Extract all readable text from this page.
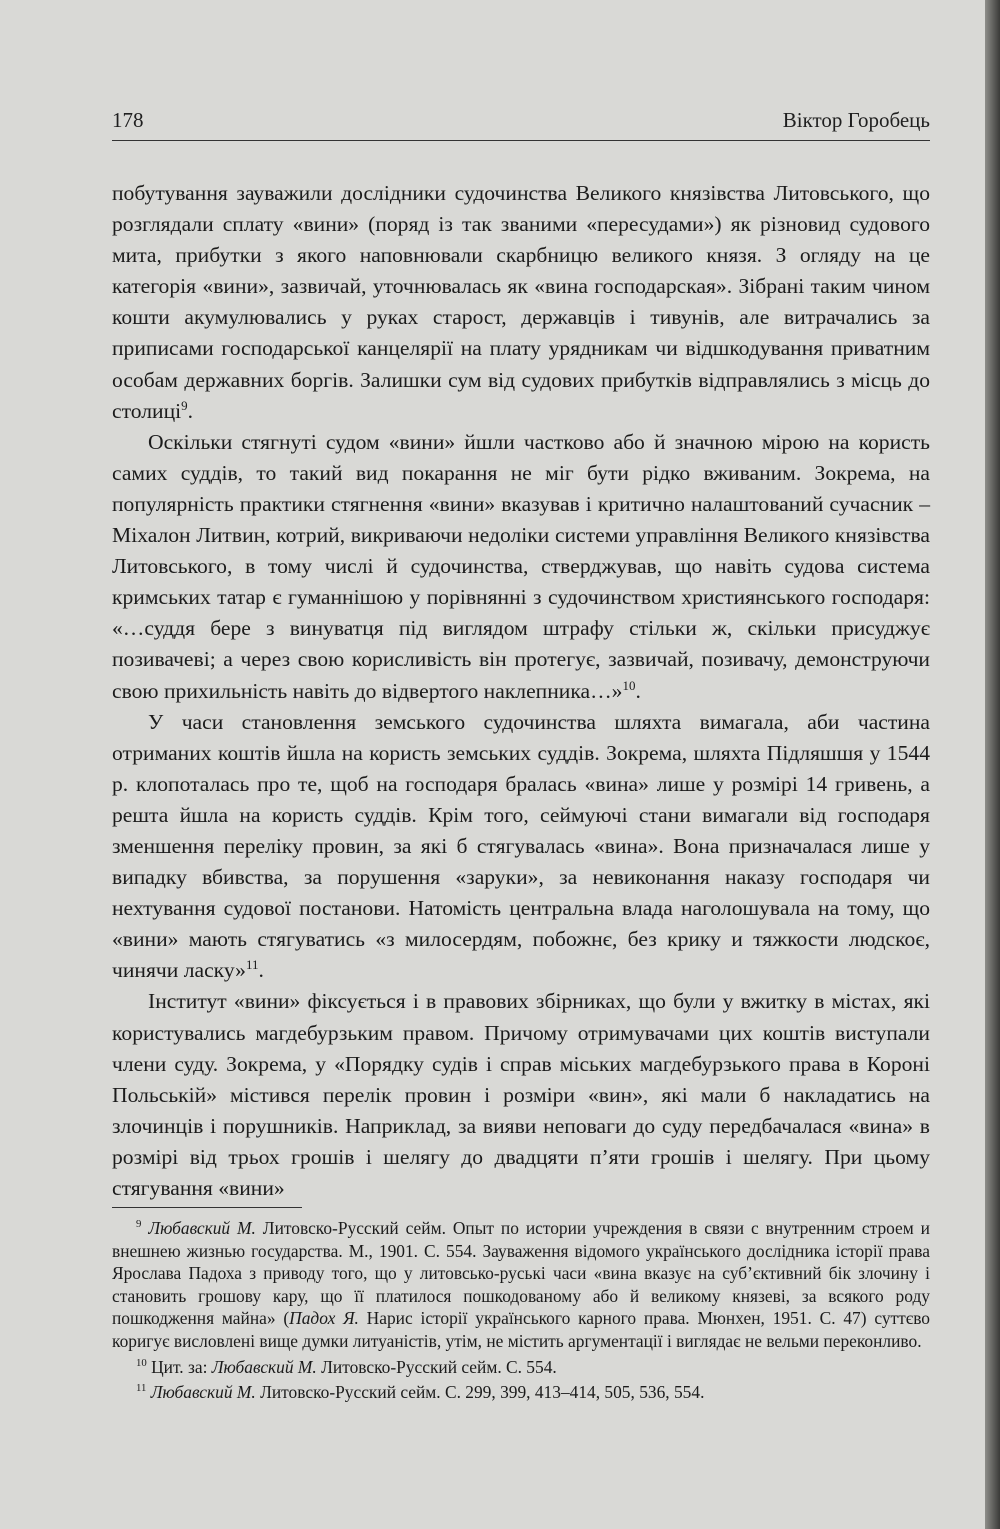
178	Віктор Горобець

побутування зауважили дослідники судочинства Великого князівства Литовського, що розглядали сплату «вини» (поряд із так званими «пересудами») як різновид судового мита, прибутки з якого наповнювали скарбницю великого князя. З огляду на це категорія «вини», зазвичай, уточнювалась як «вина господарская». Зібрані таким чином кошти акумулювались у руках старост, державців і тивунів, але витрачались за приписами господарської канцелярії на плату урядникам чи відшкодування приватним особам державних боргів. Залишки сум від судових прибутків відправлялись з місць до столиці$^9$.

Оскільки стягнуті судом «вини» йшли частково або й значною мірою на користь самих суддів, то такий вид покарання не міг бути рідко вживаним. Зокрема, на популярність практики стягнення «вини» вказував і критично налаштований сучасник – Міхалон Литвин, котрий, викриваючи недоліки системи управління Великого князівства Литовського, в тому числі й судочинства, стверджував, що навіть судова система кримських татар є гуманнішою у порівнянні з судочинством християнського господаря: «…суддя бере з винуватця під виглядом штрафу стільки ж, скільки присуджує позивачеві; а через свою корисливість він протегує, зазвичай, позивачу, демонструючи свою прихильність навіть до відвертого наклепника…»$^{10}$.

У часи становлення земського судочинства шляхта вимагала, аби частина отриманих коштів йшла на користь земських суддів. Зокрема, шляхта Підляшшя у 1544 р. клопоталась про те, щоб на господаря бралась «вина» лише у розмірі 14 гривень, а решта йшла на користь суддів. Крім того, сеймуючі стани вимагали від господаря зменшення переліку провин, за які б стягувалась «вина». Вона призначалася лише у випадку вбивства, за порушення «заруки», за невиконання наказу господаря чи нехтування судової постанови. Натомість центральна влада наголошувала на тому, що «вини» мають стягуватись «з милосердям, побожнє, без крику и тяжкости людскоє, чинячи ласку»$^{11}$.

Інститут «вини» фіксується і в правових збірниках, що були у вжитку в містах, які користувались магдебурзьким правом. Причому отримувачами цих коштів виступали члени суду. Зокрема, у «Порядку судів і справ міських магдебурзького права в Короні Польській» містився перелік провин і розміри «вин», які мали б накладатись на злочинців і порушників. Наприклад, за вияви неповаги до суду передбачалася «вина» в розмірі від трьох грошів і шелягу до двадцяти п’яти грошів і шелягу. При цьому стягування «вини»

$^9$ Любавский М. Литовско-Русский сейм. Опыт по истории учреждения в связи с внутренним строем и внешнею жизнью государства. М., 1901. С. 554. Зауваження відомого українського дослідника історії права Ярослава Падоха з приводу того, що у литовсько-руські часи «вина вказує на суб’єктивний бік злочину і становить грошову кару, що її платилося пошкодованому або й великому князеві, за всякого роду пошкодження майна» (Падох Я. Нарис історії українського карного права. Мюнхен, 1951. С. 47) суттєво коригує висловлені вище думки литуаністів, утім, не містить аргументації і виглядає не вельми переконливо.

$^{10}$ Цит. за: Любавский М. Литовско-Русский сейм. С. 554.

$^{11}$ Любавский М. Литовско-Русский сейм. С. 299, 399, 413–414, 505, 536, 554.
